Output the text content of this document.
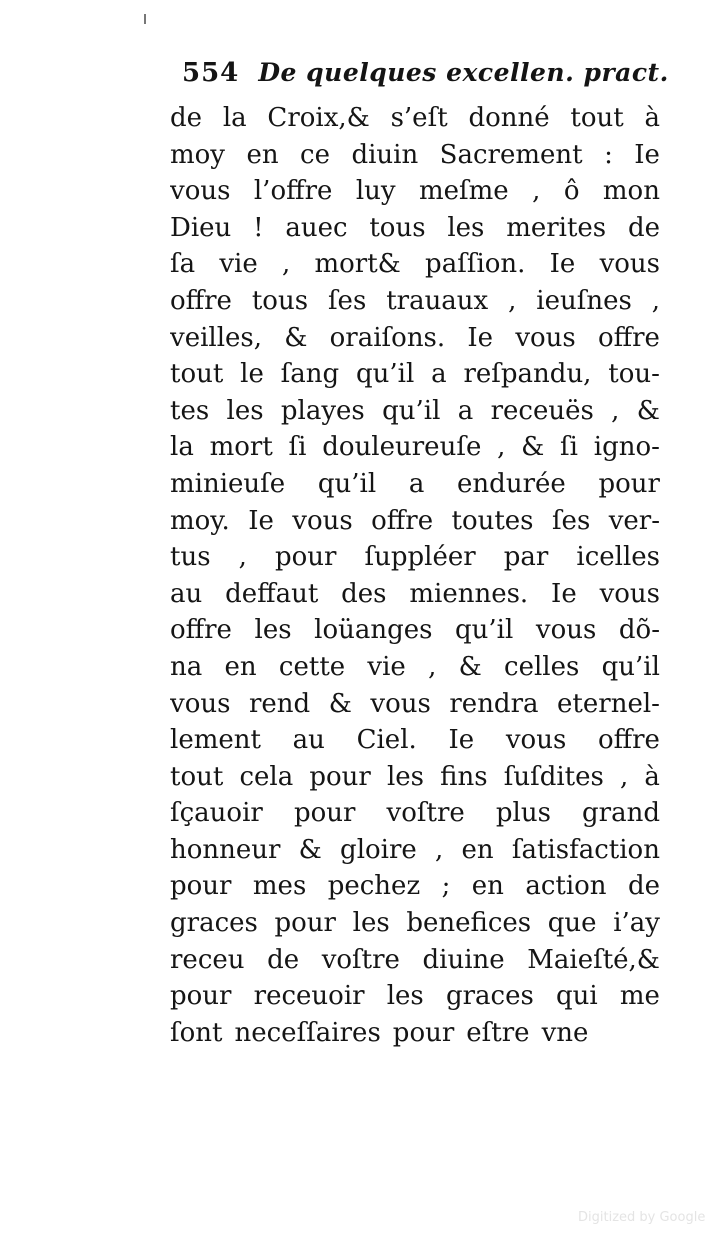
554 De quelques excellen. pract.
de la Croix,& s’eſt donné tout à
moy en ce diuin Sacrement : Ie
vous l’offre luy meſme , ô mon
Dieu ! auec tous les merites de
ſa vie , mort& paſſion. Ie vous
offre tous ſes trauaux , ieuſnes ,
veilles, & oraiſons. Ie vous offre
tout le ſang qu’il a reſpandu, tou-
tes les playes qu’il a receuës , &
la mort ſi douleureuſe , & ſi igno-
minieuſe qu’il a endurée pour
moy. Ie vous offre toutes ſes ver-
tus , pour ſuppléer par icelles
au deffaut des miennes. Ie vous
offre les loüanges qu’il vous dõ-
na en cette vie , & celles qu’il
vous rend & vous rendra eternel-
lement au Ciel. Ie vous offre
tout cela pour les fins ſuſdites , à
ſçauoir pour voſtre plus grand
honneur & gloire , en ſatisfaction
pour mes pechez ; en action de
graces pour les benefices que i’ay
receu de voſtre diuine Maieſté,&
pour receuoir les graces qui me
ſont neceſſaires pour eſtre vne
Digitized by Google
